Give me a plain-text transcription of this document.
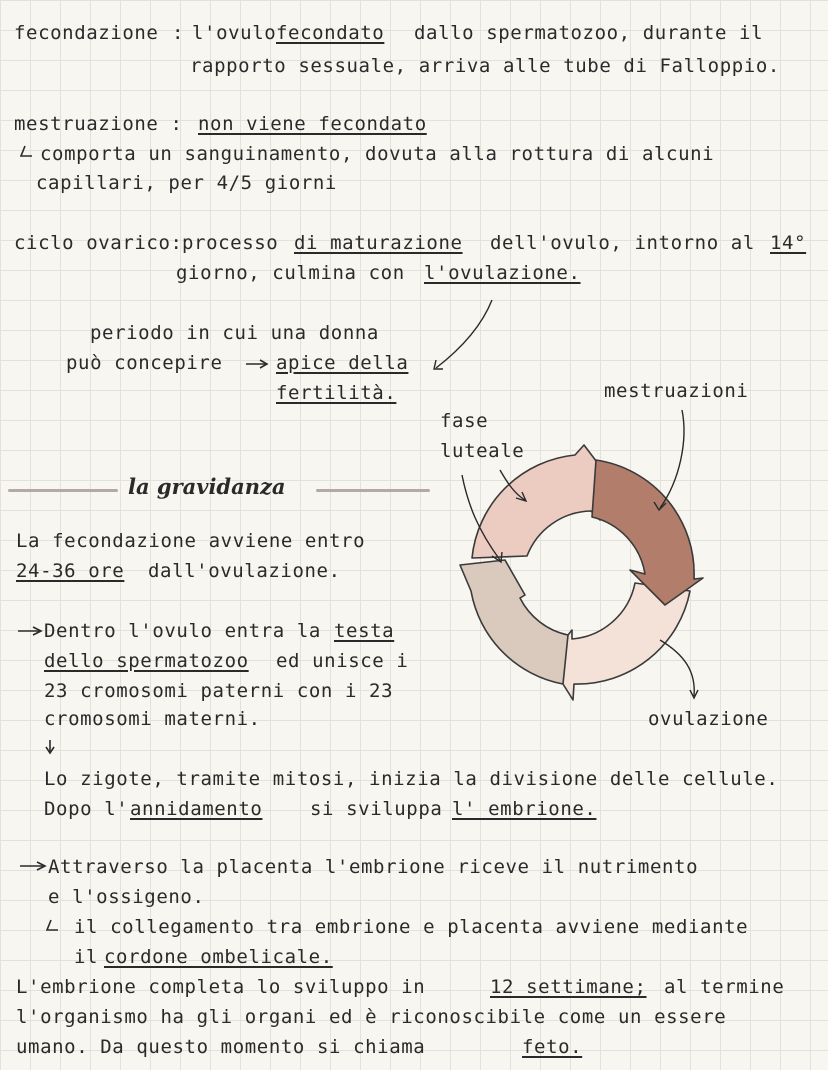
fecondazione : l'ovulo fecondato dallo spermatozoo, durante il
rapporto sessuale, arriva alle tube di Falloppio.
mestruazione : non viene fecondato
comporta un sanguinamento, dovuta alla rottura di alcuni
capillari, per 4/5 giorni
ciclo ovarico: processo di maturazione dell'ovulo, intorno al 14°
giorno, culmina con l'ovulazione.
periodo in cui una donna
può concepire	apice della
fertilità.	mestruazioni
fase
luteale
ovulazione
la gravidanza
La fecondazione avviene entro
24-36 ore dall'ovulazione.
Dentro l'ovulo entra la testa
dello spermatozoo ed unisce i
23 cromosomi paterni con i 23
cromosomi materni.
Lo zigote, tramite mitosi, inizia la divisione delle cellule.
Dopo l' annidamento	si sviluppa l' embrione.
Attraverso la placenta l'embrione riceve il nutrimento
e l'ossigeno.
il collegamento tra embrione e placenta avviene mediante
il cordone ombelicale.
L'embrione completa lo sviluppo in	12 settimane; al termine
l'organismo ha gli organi ed è riconoscibile come un essere
umano. Da questo momento si chiama	feto.
